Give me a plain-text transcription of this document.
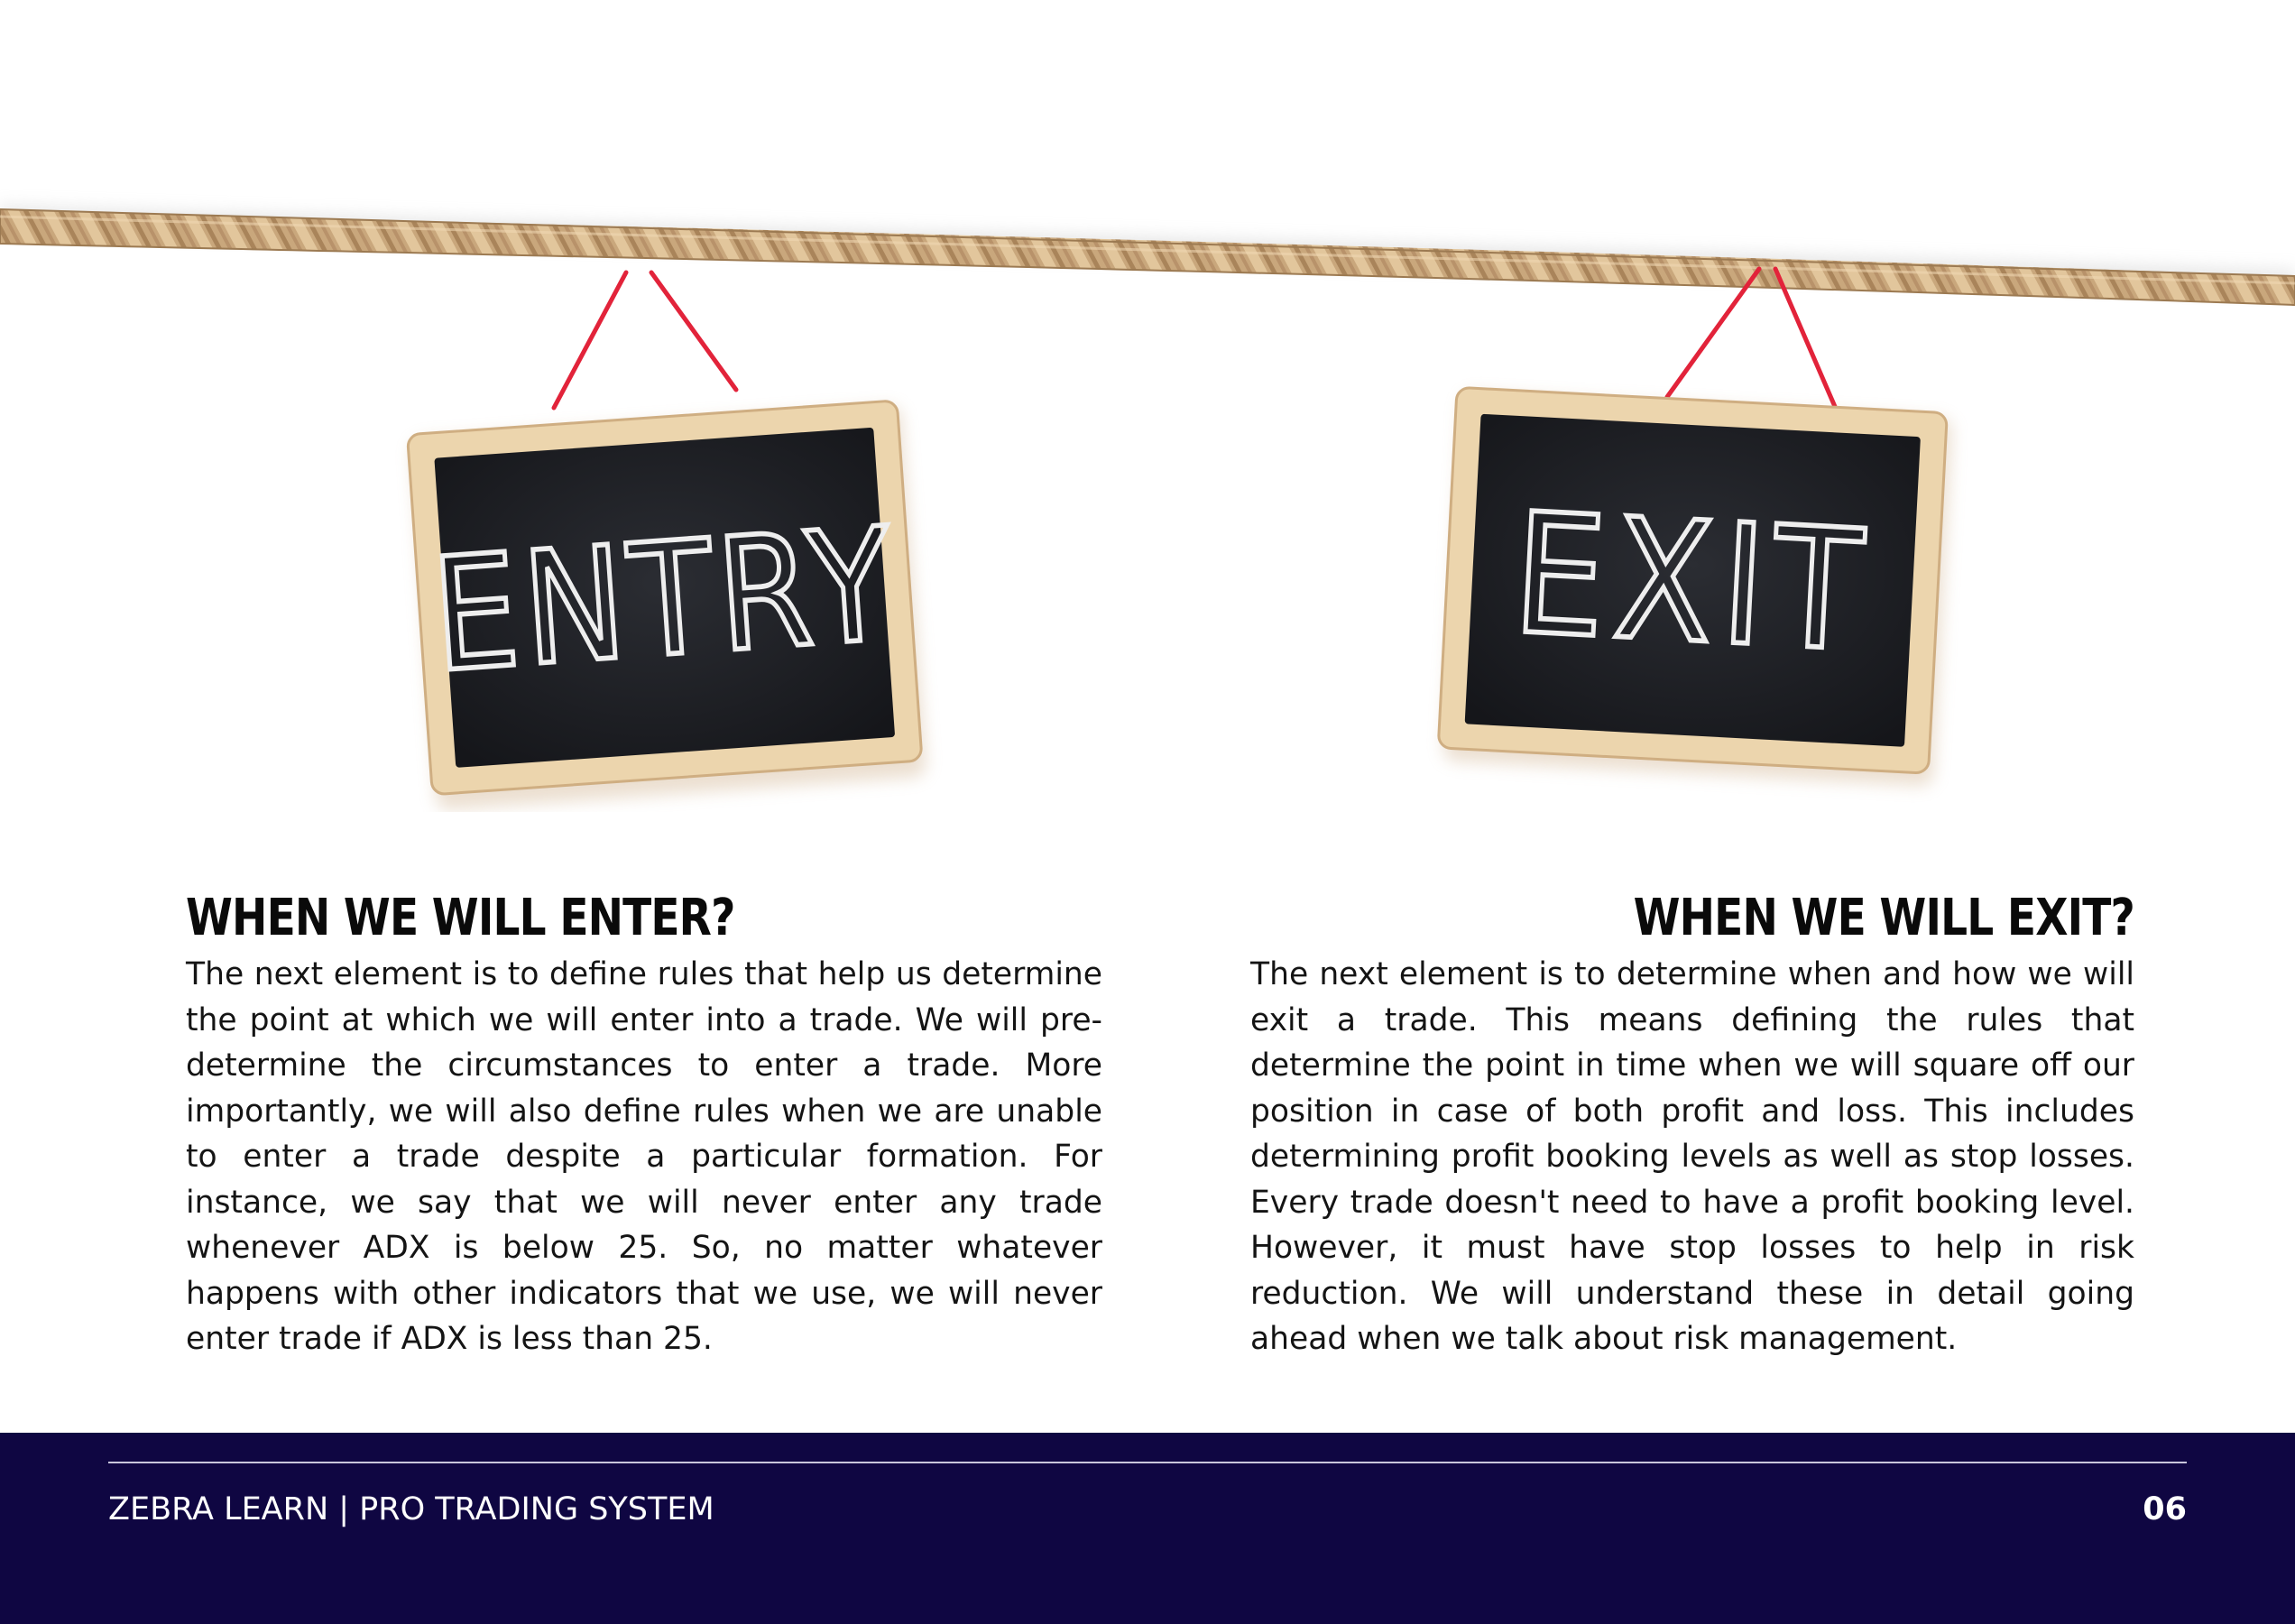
ENTRY	EXIT
WHEN WE WILL ENTER?

The next element is to define rules that help us determine the point at which we will enter into a trade. We will pre-determine the circumstances to enter a trade. More importantly, we will also define rules when we are unable to enter a trade despite a particular formation. For instance, we say that we will never enter any trade whenever ADX is below 25. So, no matter whatever happens with other indicators that we use, we will never enter trade if ADX is less than 25.

WHEN WE WILL EXIT?

The next element is to determine when and how we will exit a trade. This means defining the rules that determine the point in time when we will square off our position in case of both profit and loss. This includes determining profit booking levels as well as stop losses. Every trade doesn't need to have a profit booking level. However, it must have stop losses to help in risk reduction. We will understand these in detail going ahead when we talk about risk management.

ZEBRA LEARN | PRO TRADING SYSTEM	06
